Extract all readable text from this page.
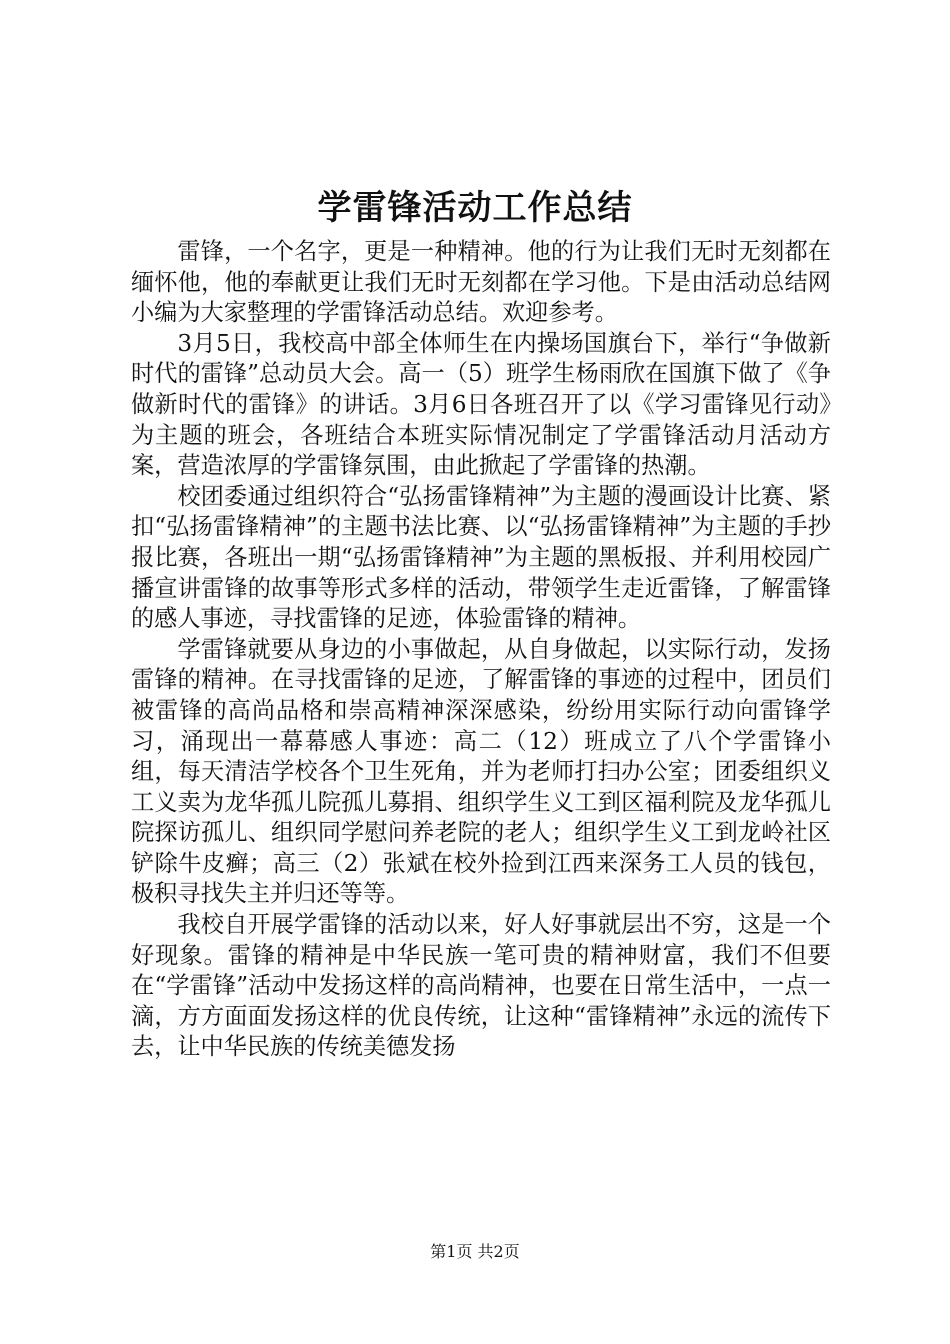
学雷锋活动工作总结

雷锋，一个名字，更是一种精神。他的行为让我们无时无刻都在缅怀他，他的奉献更让我们无时无刻都在学习他。下是由活动总结网小编为大家整理的学雷锋活动总结。欢迎参考。

3月5日，我校高中部全体师生在内操场国旗台下，举行“争做新时代的雷锋”总动员大会。高一（5）班学生杨雨欣在国旗下做了《争做新时代的雷锋》的讲话。3月6日各班召开了以《学习雷锋见行动》为主题的班会，各班结合本班实际情况制定了学雷锋活动月活动方案，营造浓厚的学雷锋氛围，由此掀起了学雷锋的热潮。

校团委通过组织符合“弘扬雷锋精神”为主题的漫画设计比赛、紧扣“弘扬雷锋精神”的主题书法比赛、以“弘扬雷锋精神”为主题的手抄报比赛，各班出一期“弘扬雷锋精神”为主题的黑板报、并利用校园广播宣讲雷锋的故事等形式多样的活动，带领学生走近雷锋，了解雷锋的感人事迹，寻找雷锋的足迹，体验雷锋的精神。

学雷锋就要从身边的小事做起，从自身做起，以实际行动，发扬雷锋的精神。在寻找雷锋的足迹，了解雷锋的事迹的过程中，团员们被雷锋的高尚品格和崇高精神深深感染，纷纷用实际行动向雷锋学习，涌现出一幕幕感人事迹：高二（12）班成立了八个学雷锋小组，每天清洁学校各个卫生死角，并为老师打扫办公室；团委组织义工义卖为龙华孤儿院孤儿募捐、组织学生义工到区福利院及龙华孤儿院探访孤儿、组织同学慰问养老院的老人；组织学生义工到龙岭社区铲除牛皮癣；高三（2）张斌在校外捡到江西来深务工人员的钱包，极积寻找失主并归还等等。

我校自开展学雷锋的活动以来，好人好事就层出不穷，这是一个好现象。雷锋的精神是中华民族一笔可贵的精神财富，我们不但要在“学雷锋”活动中发扬这样的高尚精神，也要在日常生活中，一点一滴，方方面面发扬这样的优良传统，让这种“雷锋精神”永远的流传下去，让中华民族的传统美德发扬

第1页 共2页
